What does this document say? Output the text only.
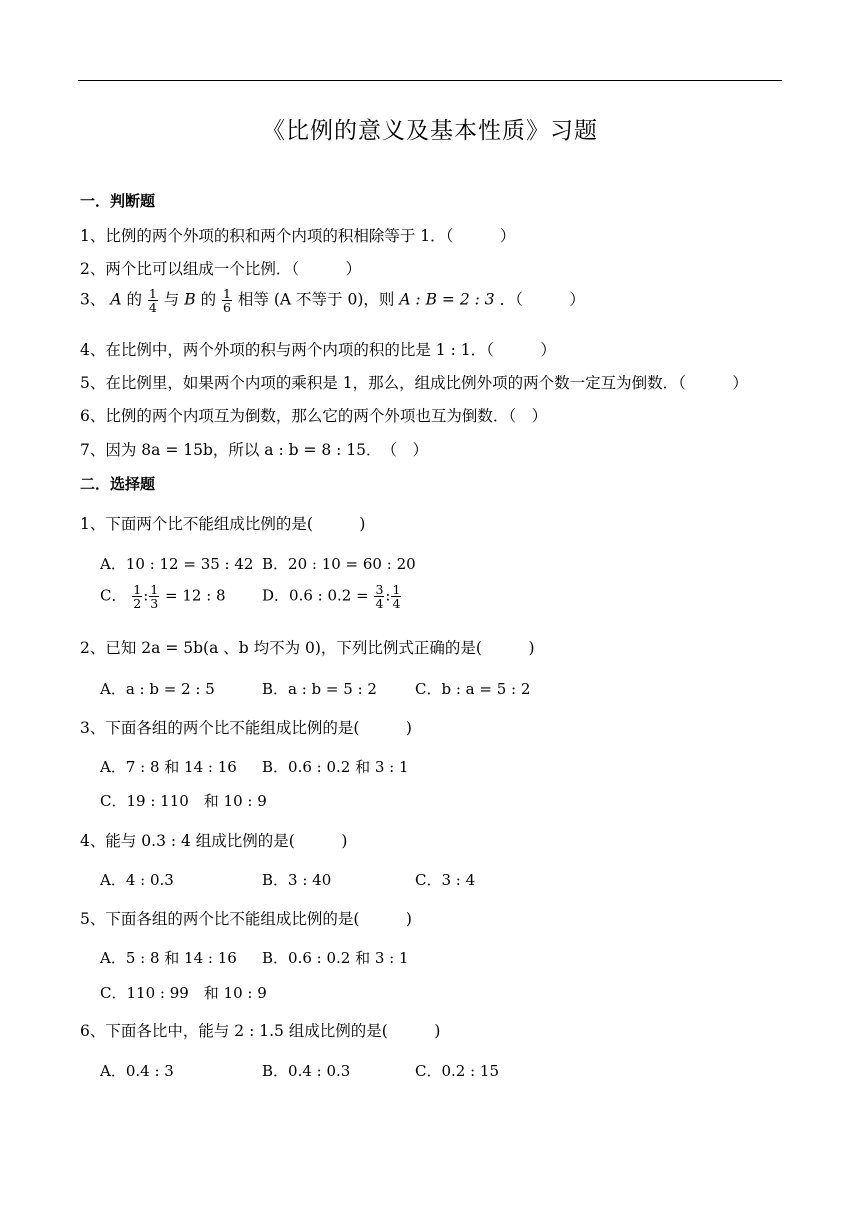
《比例的意义及基本性质》习题
一．判断题
1、比例的两个外项的积和两个内项的积相除等于 1．（　　　）
2、两个比可以组成一个比例．（　　　）
3、 A 的 $\frac{1}{4}$ 与 B 的 $\frac{1}{6}$ 相等 (A 不等于 0)，则 A : B = 2 : 3 ．（　　　）
4、在比例中，两个外项的积与两个内项的积的比是 1 : 1．（　　　）
5、在比例里，如果两个内项的乘积是 1，那么，组成比例外项的两个数一定互为倒数．（　　　）
6、比例的两个内项互为倒数，那么它的两个外项也互为倒数．（　）
7、因为 8a = 15b，所以 a : b = 8 : 15．　（　）
二．选择题
1、下面两个比不能组成比例的是(　　　)
A．10 : 12 = 35 : 42 B．20 : 10 = 60 : 20
C． $\frac{1}{2}$ : $\frac{1}{3} = 12$ : 8 D．0.6 : $0.2 = \frac{3}{4}$ : $\frac{1}{4}$
2、已知 2a = 5b(a 、b 均不为 0)，下列比例式正确的是(　　　)
A．a : b = 2 : 5	B．a : b = 5 : 2	C．b : a = 5 : 2
3、下面各组的两个比不能组成比例的是(　　　)
A．7 : 8 和 14 : 16 B．0.6 : 0.2 和 3 : 1
C．19 : 110　和 10 : 9
4、能与 0.3 : 4 组成比例的是(　　　)
A．4 : 0.3	B．3 : 40	C．3 : 4
5、下面各组的两个比不能组成比例的是(　　　)
A．5 : 8 和 14 : 16 B．0.6 : 0.2 和 3 : 1
C．110 : 99　和 10 : 9
6、下面各比中，能与 2 : 1.5 组成比例的是(　　　)
A．0.4 : 3	B．0.4 : 0.3	C．0.2 : 15
